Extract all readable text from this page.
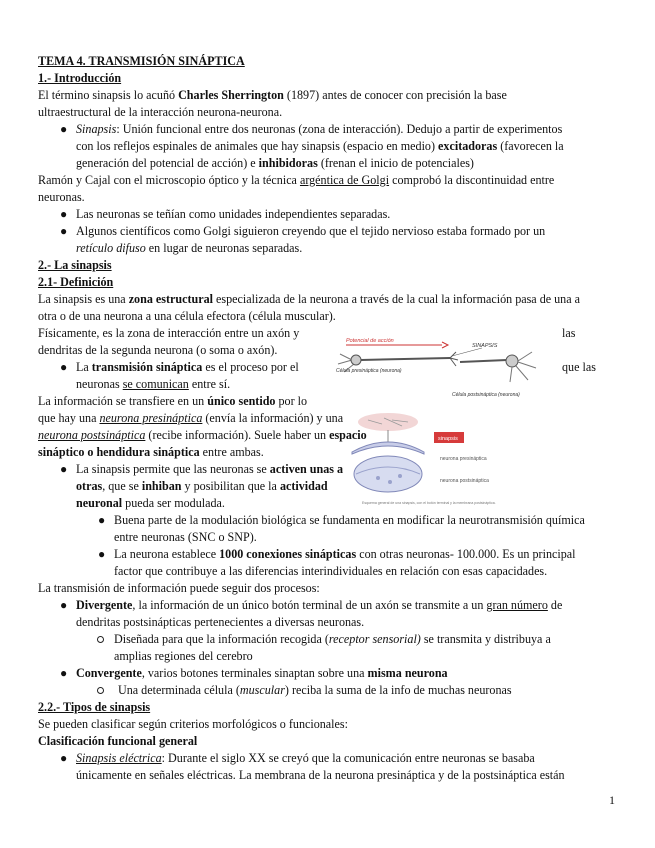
TEMA 4. TRANSMISIÓN SINÁPTICA
1.- Introducción
El término sinapsis lo acuñó Charles Sherrington (1897) antes de conocer con precisión la base
ultraestructural de la interacción neurona-neurona.
● Sinapsis: Unión funcional entre dos neuronas (zona de interacción). Dedujo a partir de experimentos
con los reflejos espinales de animales que hay sinapsis (espacio en medio) excitadoras (favorecen la
generación del potencial de acción) e inhibidoras (frenan el inicio de potenciales)
Ramón y Cajal con el microscopio óptico y la técnica argéntica de Golgi comprobó la discontinuidad entre
neuronas.
● Las neuronas se teñían como unidades independientes separadas.
● Algunos científicos como Golgi siguieron creyendo que el tejido nervioso estaba formado por un
retículo difuso en lugar de neuronas separadas.
2.- La sinapsis
2.1- Definición
La sinapsis es una zona estructural especializada de la neurona a través de la cual la información pasa de una a
otra o de una neurona a una célula efectora (célula muscular).
Físicamente, es la zona de interacción entre un axón y	las
dendritas de la segunda neurona (o soma o axón).
● La transmisión sináptica es el proceso por el	que las
neuronas se comunican entre sí.
La información se transfiere en un único sentido por lo
que hay una neurona presináptica (envía la información) y una
neurona postsináptica (recibe información). Suele haber un espacio
sináptico o hendidura sináptica entre ambas.
● La sinapsis permite que las neuronas se activen unas a
otras, que se inhiban y posibilitan que la actividad
neuronal pueda ser modulada.
● Buena parte de la modulación biológica se fundamenta en modificar la neurotransmisión química
entre neuronas (SNC o SNP).
● La neurona establece 1000 conexiones sinápticas con otras neuronas- 100.000. Es un principal
factor que contribuye a las diferencias interindividuales en relación con esas capacidades.
La transmisión de información puede seguir dos procesos:
● Divergente, la información de un único botón terminal de un axón se transmite a un gran número de
dendritas postsinápticas pertenecientes a diversas neuronas.
Diseñada para que la información recogida (receptor sensorial) se transmita y distribuya a
amplias regiones del cerebro
● Convergente, varios botones terminales sinaptan sobre una misma neurona
Una determinada célula (muscular) reciba la suma de la info de muchas neuronas
2.2.- Tipos de sinapsis
Se pueden clasificar según criterios morfológicos o funcionales:
Clasificación funcional general
● Sinapsis eléctrica: Durante el siglo XX se creyó que la comunicación entre neuronas se basaba
únicamente en señales eléctricas. La membrana de la neurona presináptica y de la postsináptica están
Potencial de acción
SINAPSIS
Célula presináptica (neurona)
Célula postsináptica (neurona)
sinapsis
neurona presináptica
neurona postsináptica
Esquema general de una sinapsis, con el botón terminal y la membrana postsináptica.
1
